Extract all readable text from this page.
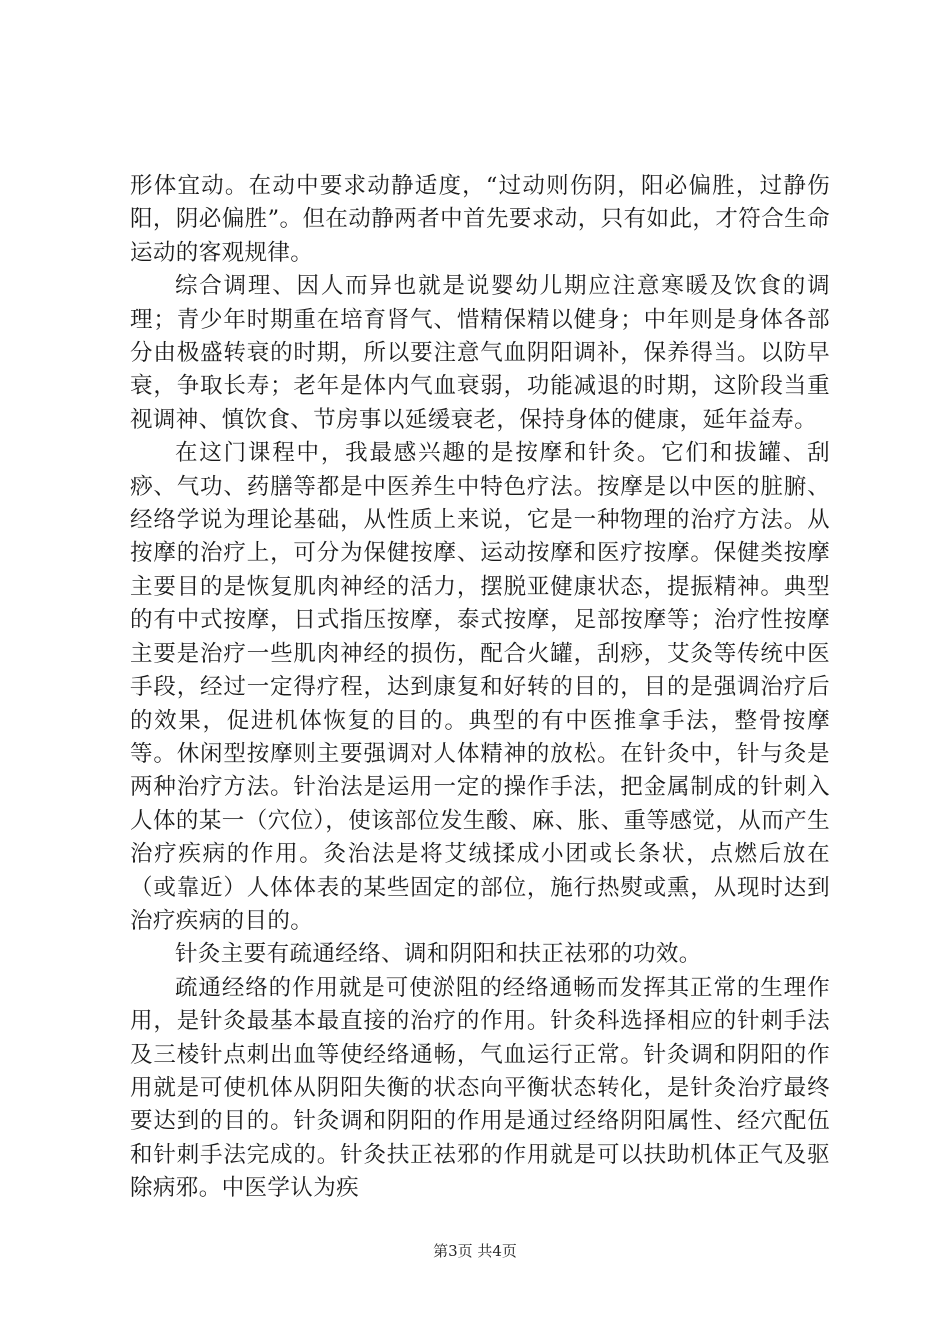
形体宜动。在动中要求动静适度，“过动则伤阴，阳必偏胜，过静伤阳，阴必偏胜”。但在动静两者中首先要求动，只有如此，才符合生命运动的客观规律。

综合调理、因人而异也就是说婴幼儿期应注意寒暖及饮食的调理；青少年时期重在培育肾气、惜精保精以健身；中年则是身体各部分由极盛转衰的时期，所以要注意气血阴阳调补，保养得当。以防早衰，争取长寿；老年是体内气血衰弱，功能减退的时期，这阶段当重视调神、慎饮食、节房事以延缓衰老，保持身体的健康，延年益寿。

在这门课程中，我最感兴趣的是按摩和针灸。它们和拔罐、刮痧、气功、药膳等都是中医养生中特色疗法。按摩是以中医的脏腑、经络学说为理论基础，从性质上来说，它是一种物理的治疗方法。从按摩的治疗上，可分为保健按摩、运动按摩和医疗按摩。保健类按摩主要目的是恢复肌肉神经的活力，摆脱亚健康状态，提振精神。典型的有中式按摩，日式指压按摩，泰式按摩，足部按摩等；治疗性按摩主要是治疗一些肌肉神经的损伤，配合火罐，刮痧，艾灸等传统中医手段，经过一定得疗程，达到康复和好转的目的，目的是强调治疗后的效果，促进机体恢复的目的。典型的有中医推拿手法，整骨按摩等。休闲型按摩则主要强调对人体精神的放松。在针灸中，针与灸是两种治疗方法。针治法是运用一定的操作手法，把金属制成的针刺入人体的某一（穴位），使该部位发生酸、麻、胀、重等感觉，从而产生治疗疾病的作用。灸治法是将艾绒揉成小团或长条状，点燃后放在（或靠近）人体体表的某些固定的部位，施行热熨或熏，从现时达到治疗疾病的目的。

针灸主要有疏通经络、调和阴阳和扶正祛邪的功效。

疏通经络的作用就是可使淤阻的经络通畅而发挥其正常的生理作用，是针灸最基本最直接的治疗的作用。针灸科选择相应的针刺手法及三棱针点刺出血等使经络通畅，气血运行正常。针灸调和阴阳的作用就是可使机体从阴阳失衡的状态向平衡状态转化，是针灸治疗最终要达到的目的。针灸调和阴阳的作用是通过经络阴阳属性、经穴配伍和针刺手法完成的。针灸扶正祛邪的作用就是可以扶助机体正气及驱除病邪。中医学认为疾

第3页 共4页
